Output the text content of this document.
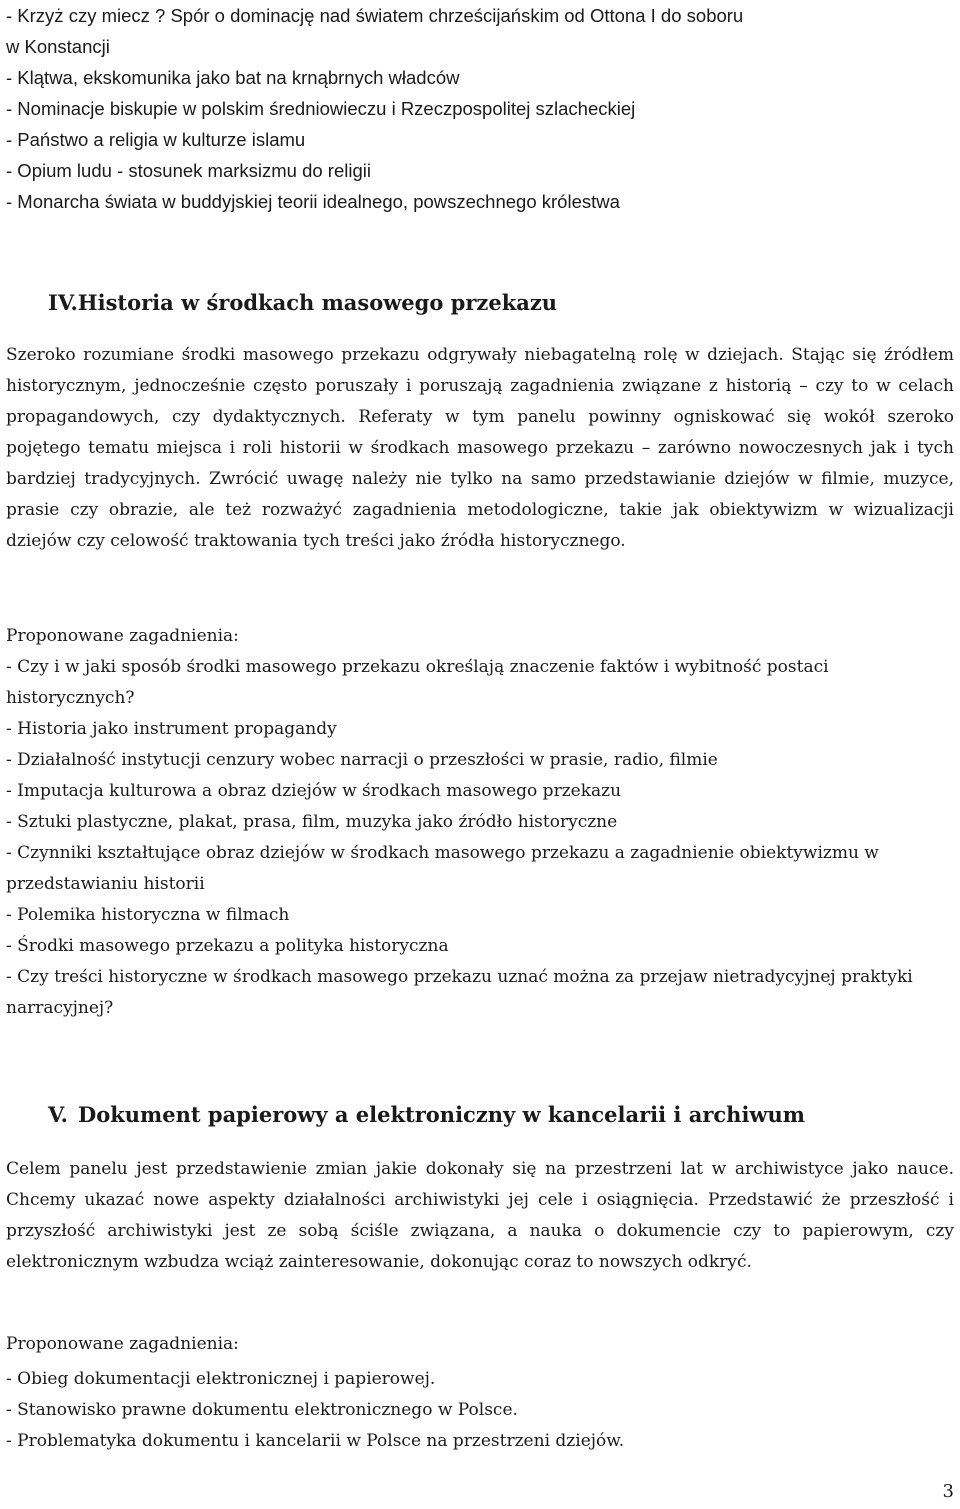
- Krzyż czy miecz ? Spór o dominację nad światem chrześcijańskim od Ottona I do soboru
w Konstancji
- Klątwa, ekskomunika jako bat na krnąbrnych władców
- Nominacje biskupie w polskim średniowieczu i Rzeczpospolitej szlacheckiej
- Państwo a religia w kulturze islamu
- Opium ludu - stosunek marksizmu do religii
- Monarcha świata w buddyjskiej teorii idealnego, powszechnego królestwa
IV.Historia w środkach masowego przekazu
Szeroko rozumiane środki masowego przekazu odgrywały niebagatelną rolę w dziejach. Stając się źródłem historycznym, jednocześnie często poruszały i poruszają zagadnienia związane z historią – czy to w celach propagandowych, czy dydaktycznych. Referaty w tym panelu powinny ogniskować się wokół szeroko pojętego tematu miejsca i roli historii w środkach masowego przekazu – zarówno nowoczesnych jak i tych bardziej tradycyjnych. Zwrócić uwagę należy nie tylko na samo przedstawianie dziejów w filmie, muzyce, prasie czy obrazie, ale też rozważyć zagadnienia metodologiczne, takie jak obiektywizm w wizualizacji dziejów czy celowość traktowania tych treści jako źródła historycznego.
Proponowane zagadnienia:
- Czy i w jaki sposób środki masowego przekazu określają znaczenie faktów i wybitność postaci historycznych?
- Historia jako instrument propagandy
- Działalność instytucji cenzury wobec narracji o przeszłości w prasie, radio, filmie
- Imputacja kulturowa a obraz dziejów w środkach masowego przekazu
- Sztuki plastyczne, plakat, prasa, film, muzyka jako źródło historyczne
- Czynniki kształtujące obraz dziejów w środkach masowego przekazu a zagadnienie obiektywizmu w przedstawianiu historii
- Polemika historyczna w filmach
- Środki masowego przekazu a polityka historyczna
- Czy treści historyczne w środkach masowego przekazu uznać można za przejaw nietradycyjnej praktyki narracyjnej?
V. Dokument papierowy a elektroniczny w kancelarii i archiwum
Celem panelu jest przedstawienie zmian jakie dokonały się na przestrzeni lat w archiwistyce jako nauce. Chcemy ukazać nowe aspekty działalności archiwistyki jej cele i osiągnięcia. Przedstawić że przeszłość i przyszłość archiwistyki jest ze sobą ściśle związana, a nauka o dokumencie czy to papierowym, czy elektronicznym wzbudza wciąż zainteresowanie, dokonując coraz to nowszych odkryć.
Proponowane zagadnienia:
- Obieg dokumentacji elektronicznej i papierowej.
- Stanowisko prawne dokumentu elektronicznego w Polsce.
- Problematyka dokumentu i kancelarii w Polsce na przestrzeni dziejów.
3
